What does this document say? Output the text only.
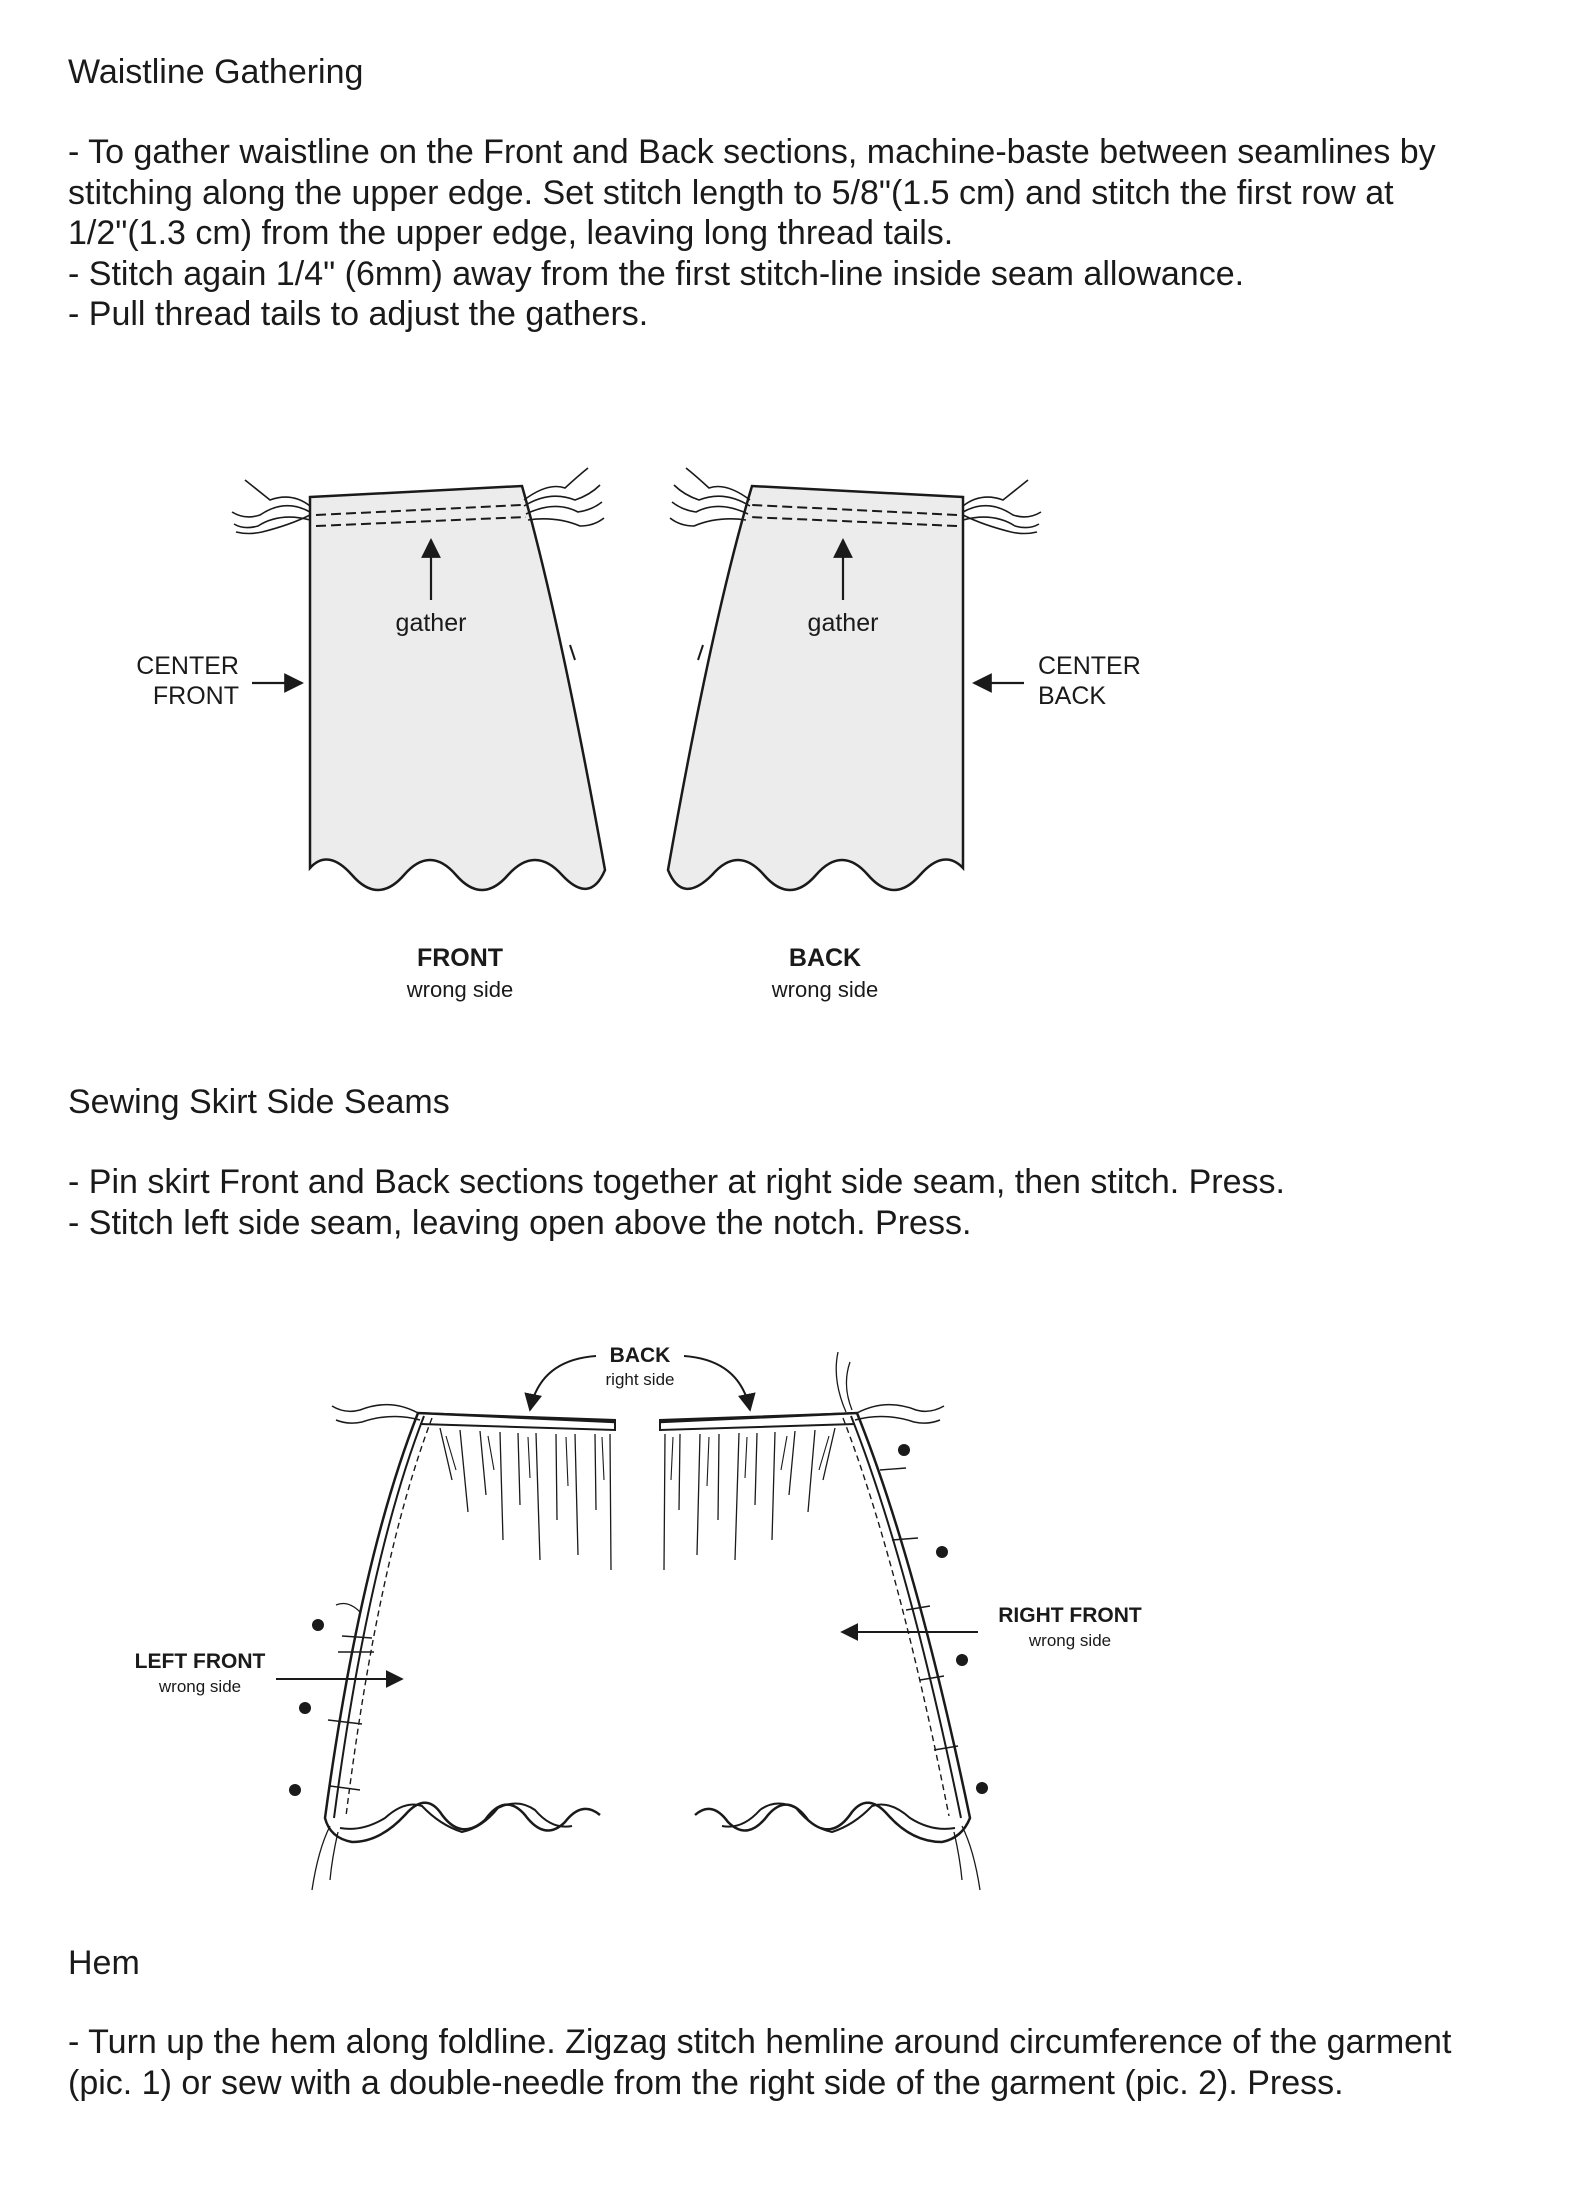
Waistline Gathering
- To gather waistline on the Front and Back sections, machine-baste between seamlines by
stitching along the upper edge. Set stitch length to 5/8"(1.5 cm) and stitch the first row at
1/2"(1.3 cm) from the upper edge, leaving long thread tails.
- Stitch again 1/4" (6mm) away from the first stitch-line inside seam allowance.
- Pull thread tails to adjust the gathers.
gather
CENTER
FRONT
gather
CENTER
BACK
FRONT
wrong side
BACK
wrong side
Sewing Skirt Side Seams
- Pin skirt Front and Back sections together at right side seam, then stitch. Press.
- Stitch left side seam, leaving open above the notch. Press.
BACK
right side
LEFT FRONT
wrong side
RIGHT FRONT
wrong side
Hem
- Turn up the hem along foldline. Zigzag stitch hemline around circumference of the garment
(pic. 1) or sew with a double-needle from the right side of the garment (pic. 2). Press.
